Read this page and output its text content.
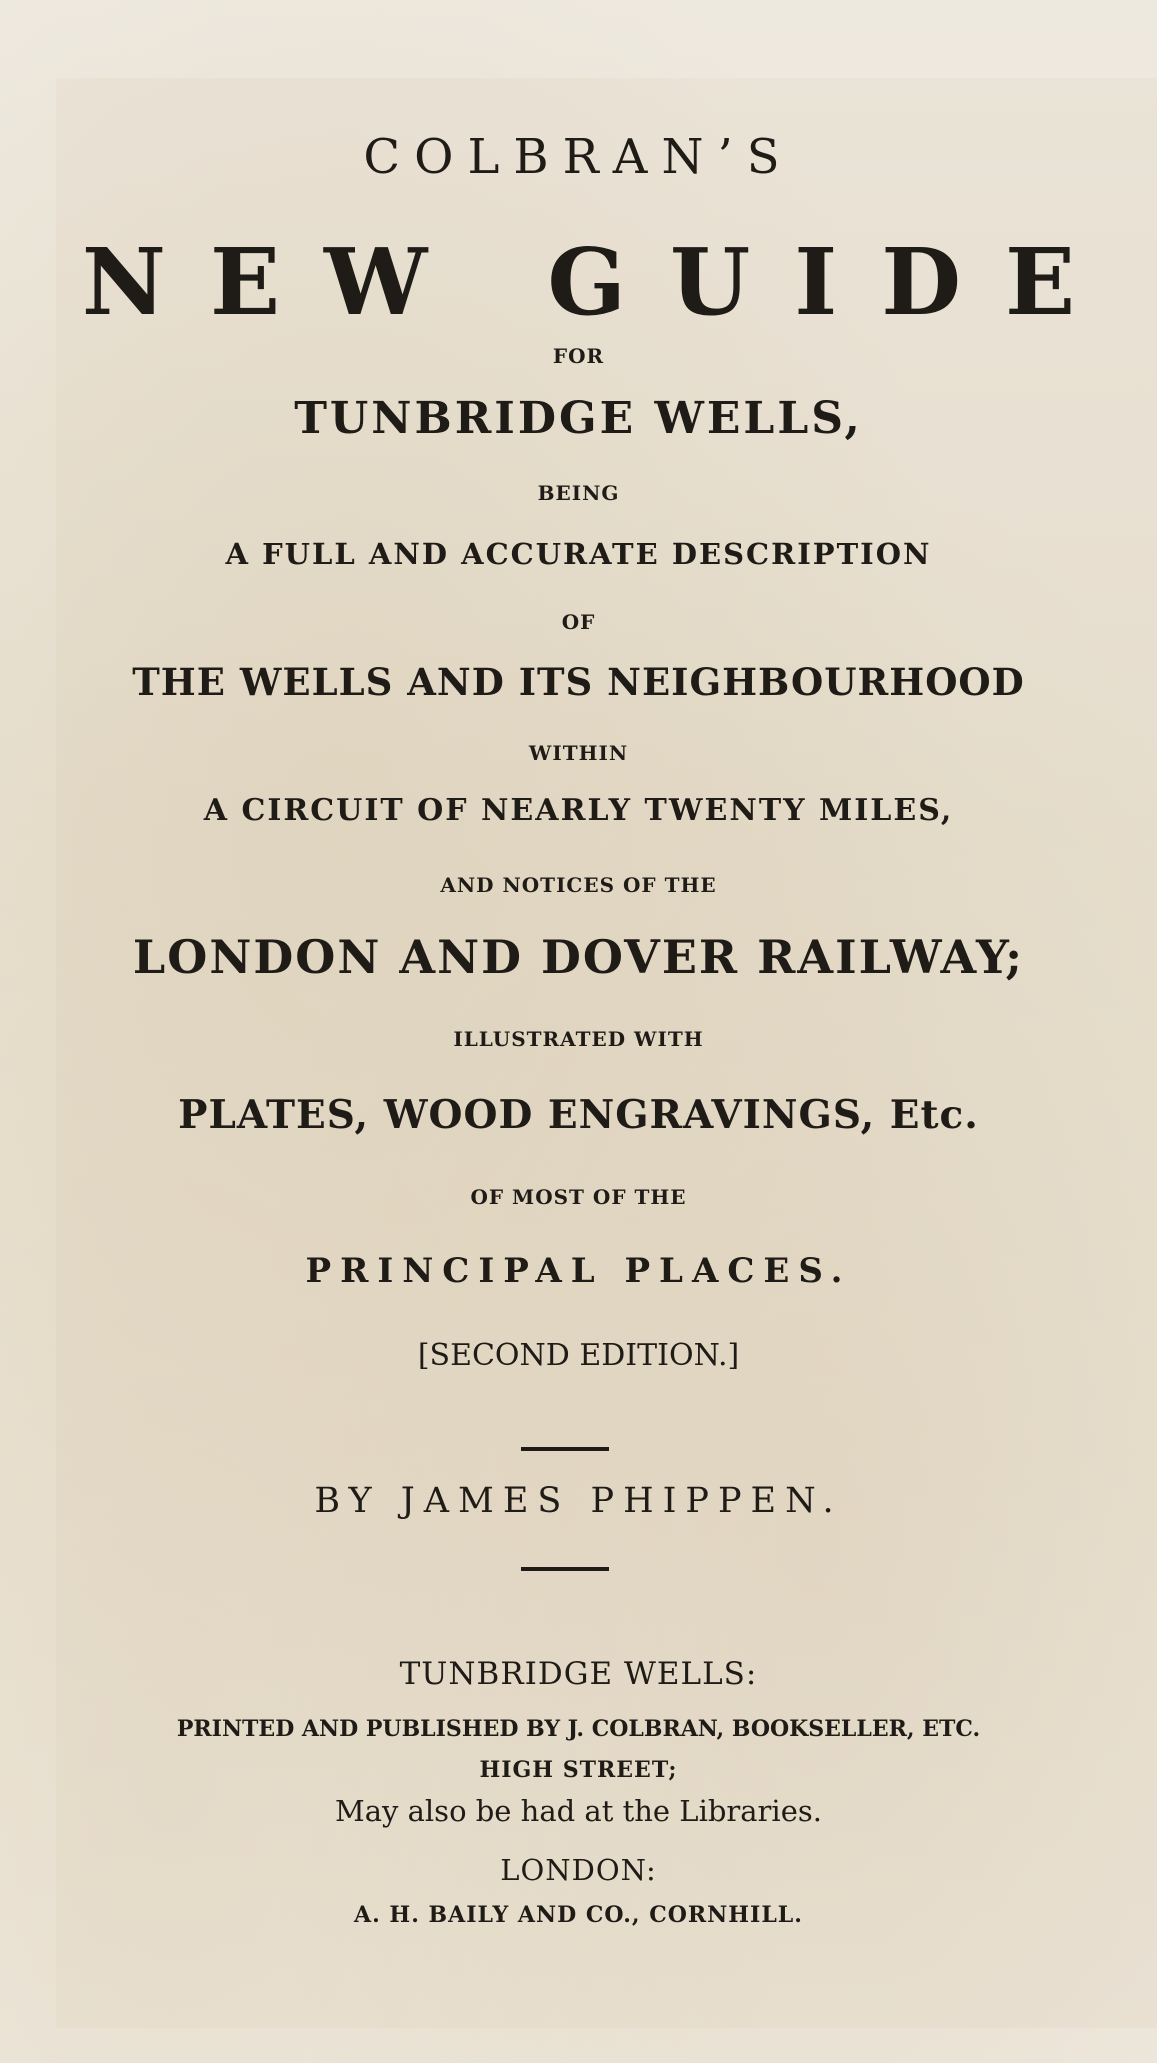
COLBRAN’S
NEW GUIDE
FOR
TUNBRIDGE WELLS,
BEING
A FULL AND ACCURATE DESCRIPTION
OF
THE WELLS AND ITS NEIGHBOURHOOD
WITHIN
A CIRCUIT OF NEARLY TWENTY MILES,
AND NOTICES OF THE
LONDON AND DOVER RAILWAY;
ILLUSTRATED WITH
PLATES, WOOD ENGRAVINGS, Etc.
OF MOST OF THE
PRINCIPAL PLACES.
[SECOND EDITION.]
BY JAMES PHIPPEN.
TUNBRIDGE WELLS:
PRINTED AND PUBLISHED BY J. COLBRAN, BOOKSELLER, ETC.
HIGH STREET;
May also be had at the Libraries.
LONDON:
A. H. BAILY AND CO., CORNHILL.
